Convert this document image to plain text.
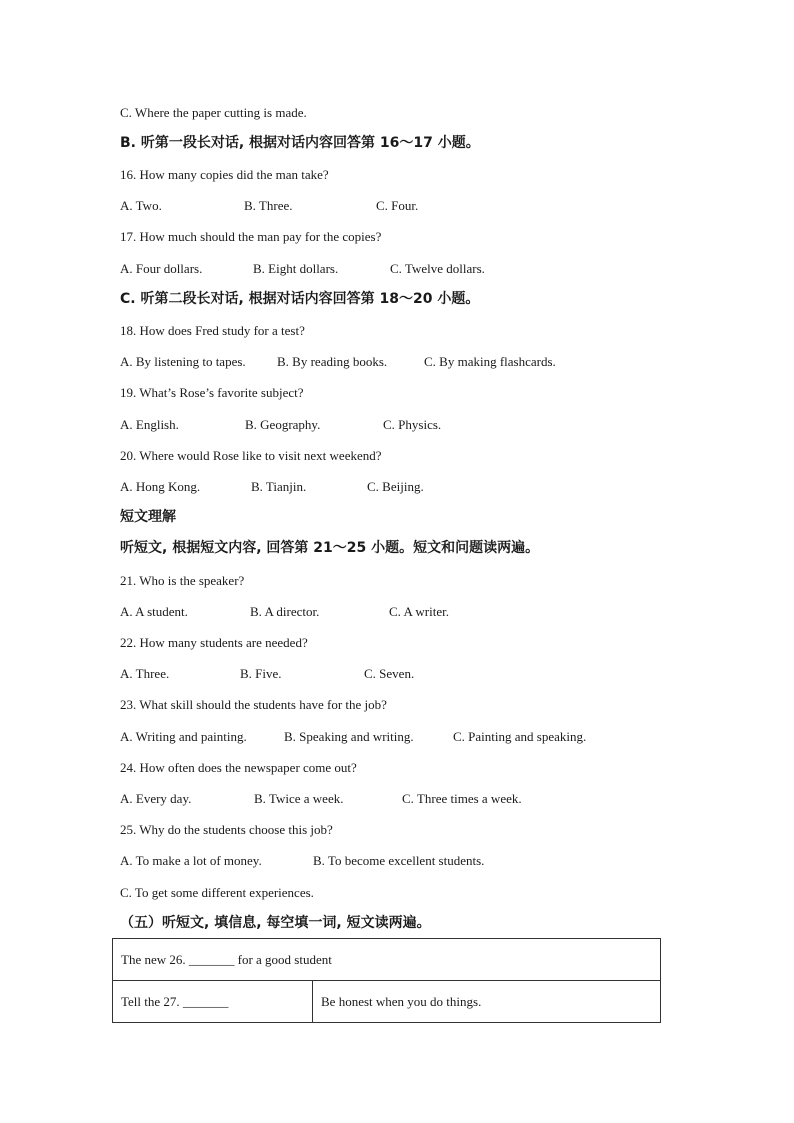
C. Where the paper cutting is made.
B. 听第一段长对话, 根据对话内容回答第 16～17 小题。
16. How many copies did the man take?
A. Two.	B. Three.	C. Four.
17. How much should the man pay for the copies?
A. Four dollars.	B. Eight dollars.	C. Twelve dollars.
C. 听第二段长对话, 根据对话内容回答第 18～20 小题。
18. How does Fred study for a test?
A. By listening to tapes. B. By reading books.	C. By making flashcards.
19. What’s Rose’s favorite subject?
A. English.	B. Geography.	C. Physics.
20. Where would Rose like to visit next weekend?
A. Hong Kong.	B. Tianjin.	C. Beijing.
短文理解
听短文, 根据短文内容, 回答第 21～25 小题。短文和问题读两遍。
21. Who is the speaker?
A. A student.	B. A director.	C. A writer.
22. How many students are needed?
A. Three.	B. Five.	C. Seven.
23. What skill should the students have for the job?
A. Writing and painting.	B. Speaking and writing.	C. Painting and speaking.
24. How often does the newspaper come out?
A. Every day.	B. Twice a week.	C. Three times a week.
25. Why do the students choose this job?
A. To make a lot of money.	B. To become excellent students.
C. To get some different experiences.
（五）听短文, 填信息, 每空填一词, 短文读两遍。
The new 26. _______ for a good student
Tell the 27. _______	Be honest when you do things.
